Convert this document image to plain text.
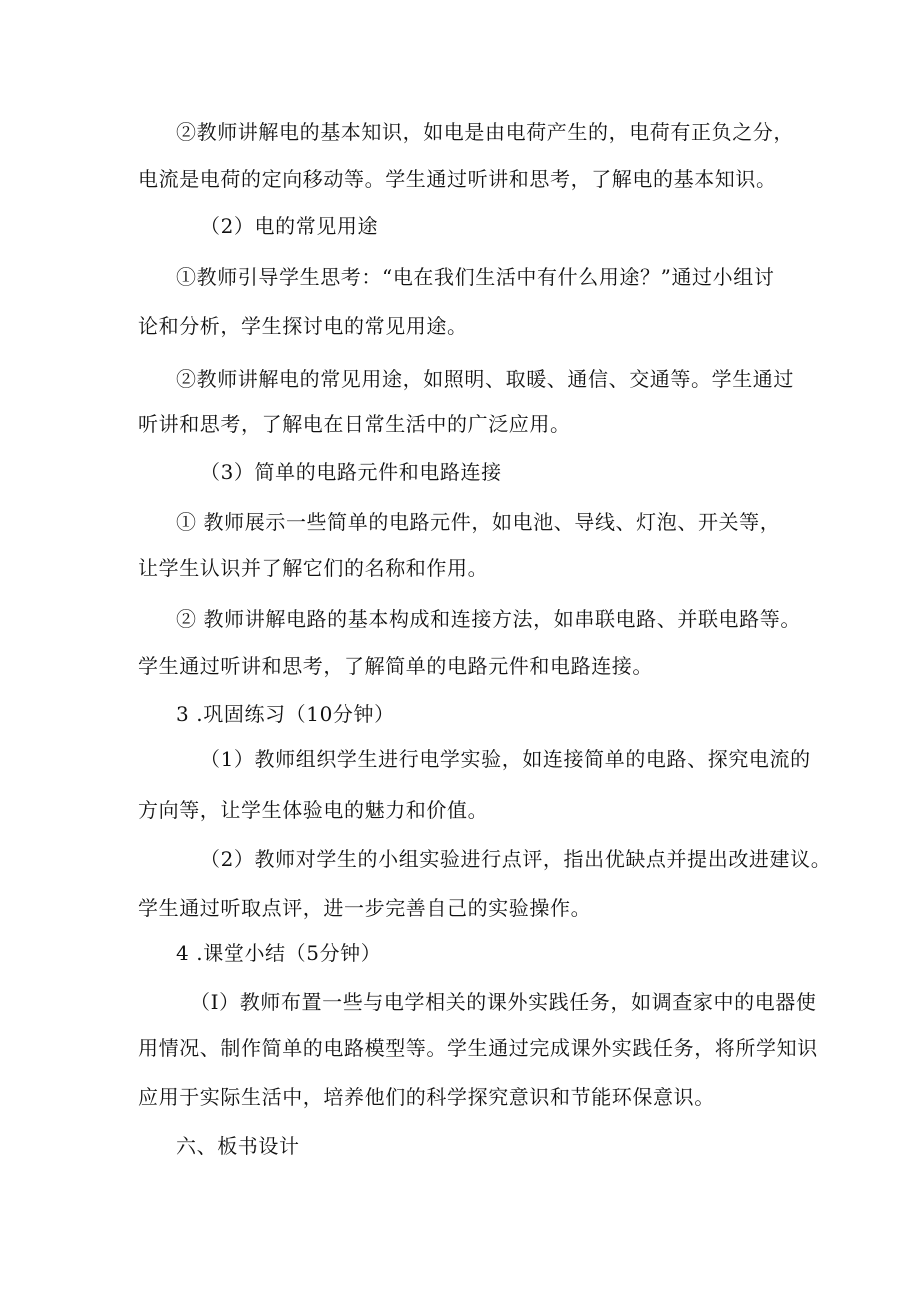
②教师讲解电的基本知识，如电是由电荷产生的，电荷有正负之分，
电流是电荷的定向移动等。学生通过听讲和思考，了解电的基本知识。
（2）电的常见用途
①教师引导学生思考：“电在我们生活中有什么用途？”通过小组讨
论和分析，学生探讨电的常见用途。
②教师讲解电的常见用途，如照明、取暖、通信、交通等。学生通过
听讲和思考，了解电在日常生活中的广泛应用。
（3）简单的电路元件和电路连接
① 教师展示一些简单的电路元件，如电池、导线、灯泡、开关等，
让学生认识并了解它们的名称和作用。
② 教师讲解电路的基本构成和连接方法，如串联电路、并联电路等。
学生通过听讲和思考，了解简单的电路元件和电路连接。
3 .巩固练习（10分钟）
（1）教师组织学生进行电学实验，如连接简单的电路、探究电流的
方向等，让学生体验电的魅力和价值。
（2）教师对学生的小组实验进行点评，指出优缺点并提出改进建议。
学生通过听取点评，进一步完善自己的实验操作。
4 .课堂小结（5分钟）
（I）教师布置一些与电学相关的课外实践任务，如调查家中的电器使
用情况、制作简单的电路模型等。学生通过完成课外实践任务，将所学知识
应用于实际生活中，培养他们的科学探究意识和节能环保意识。
六、板书设计
